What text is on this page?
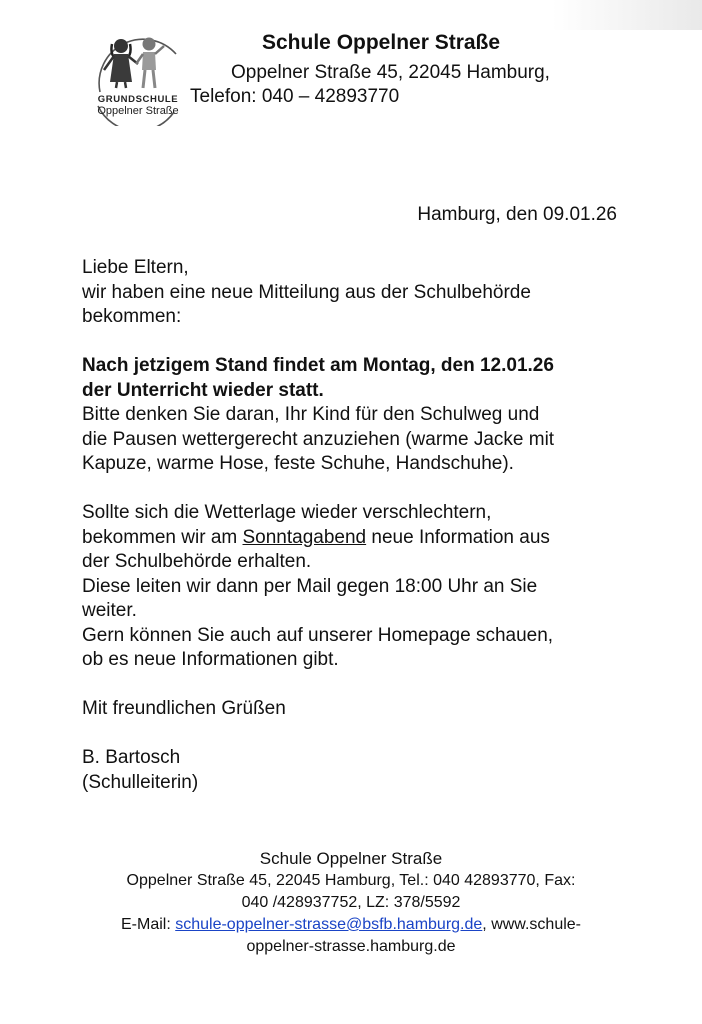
GRUNDSCHULE
Oppelner Straße
Schule Oppelner Straße
Oppelner Straße 45, 22045 Hamburg,
Telefon: 040 – 42893770
Hamburg, den 09.01.26
Liebe Eltern,
wir haben eine neue Mitteilung aus der Schulbehörde
bekommen:
Nach jetzigem Stand findet am Montag, den 12.01.26
der Unterricht wieder statt.
Bitte denken Sie daran, Ihr Kind für den Schulweg und
die Pausen wettergerecht anzuziehen (warme Jacke mit
Kapuze, warme Hose, feste Schuhe, Handschuhe).
Sollte sich die Wetterlage wieder verschlechtern,
bekommen wir am Sonntagabend neue Information aus
der Schulbehörde erhalten.
Diese leiten wir dann per Mail gegen 18:00 Uhr an Sie
weiter.
Gern können Sie auch auf unserer Homepage schauen,
ob es neue Informationen gibt.
Mit freundlichen Grüßen
B. Bartosch
(Schulleiterin)
Schule Oppelner Straße
Oppelner Straße 45, 22045 Hamburg, Tel.: 040 42893770, Fax:
040 /428937752, LZ: 378/5592
E-Mail: schule-oppelner-strasse@bsfb.hamburg.de, www.schule-
oppelner-strasse.hamburg.de
